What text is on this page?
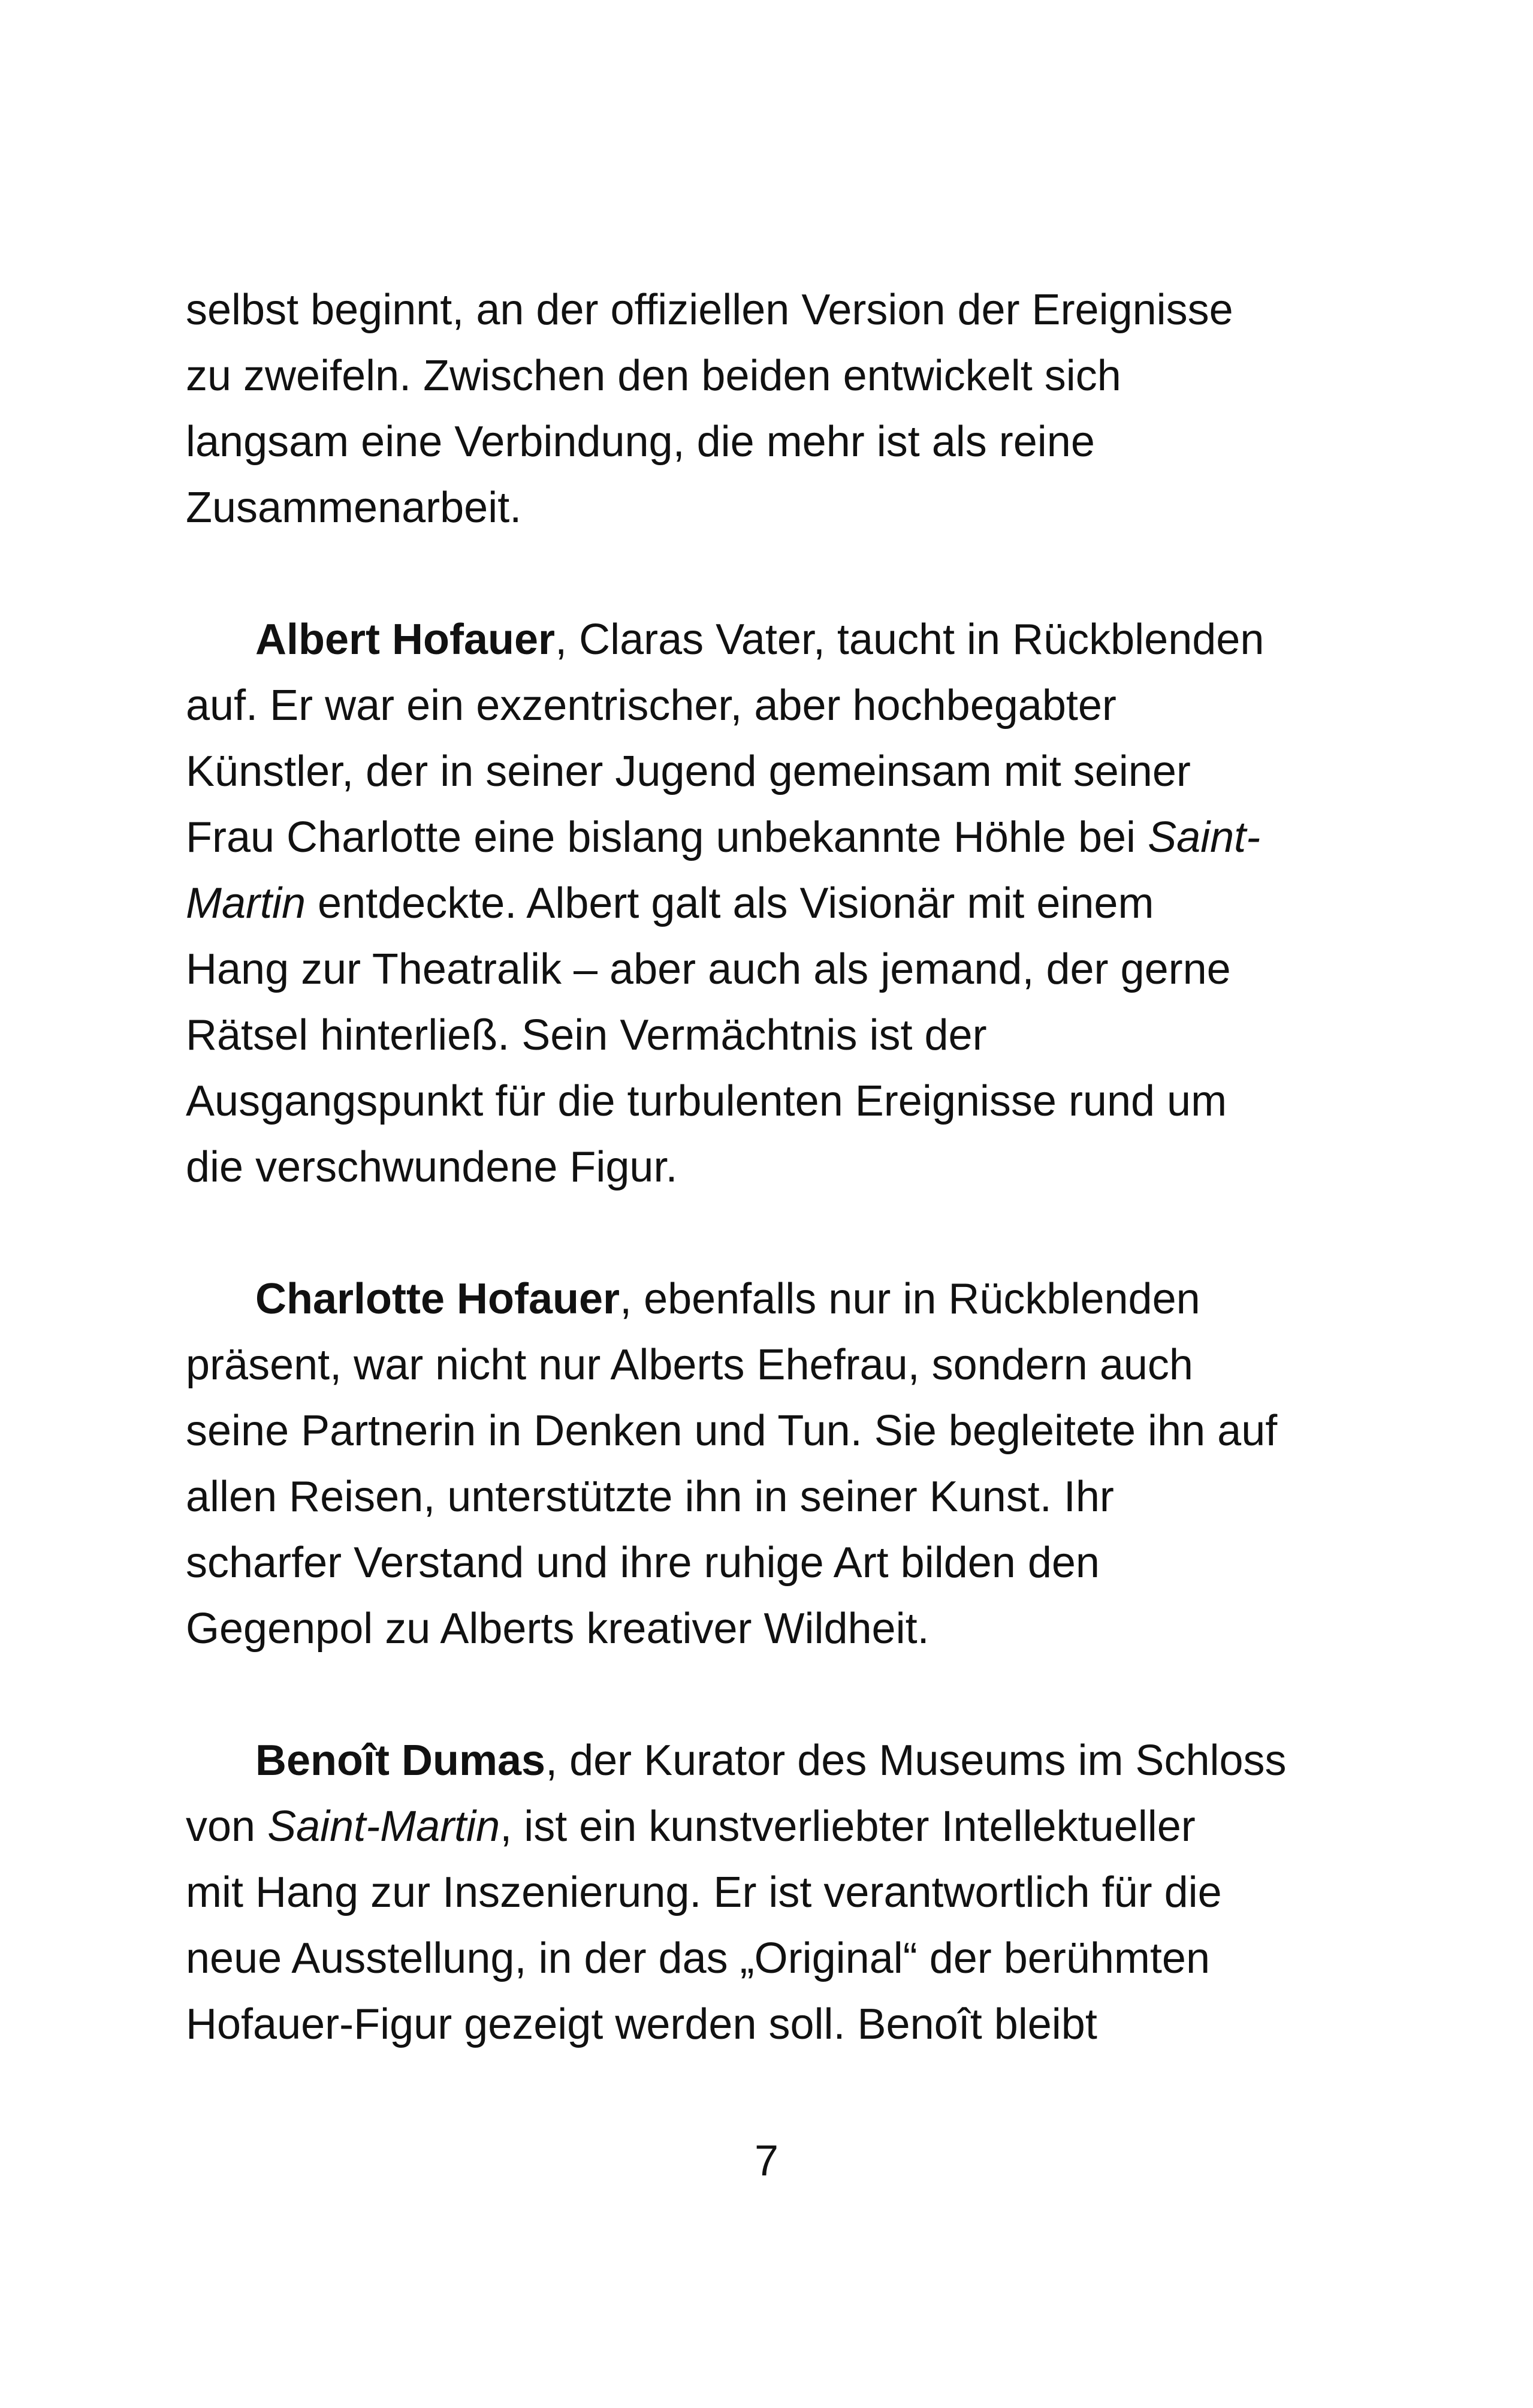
selbst beginnt, an der offiziellen Version der Ereignisse
zu zweifeln. Zwischen den beiden entwickelt sich
langsam eine Verbindung, die mehr ist als reine
Zusammenarbeit.
Albert Hofauer, Claras Vater, taucht in Rückblenden
auf. Er war ein exzentrischer, aber hochbegabter
Künstler, der in seiner Jugend gemeinsam mit seiner
Frau Charlotte eine bislang unbekannte Höhle bei Saint-
Martin entdeckte. Albert galt als Visionär mit einem
Hang zur Theatralik – aber auch als jemand, der gerne
Rätsel hinterließ. Sein Vermächtnis ist der
Ausgangspunkt für die turbulenten Ereignisse rund um
die verschwundene Figur.
Charlotte Hofauer, ebenfalls nur in Rückblenden
präsent, war nicht nur Alberts Ehefrau, sondern auch
seine Partnerin in Denken und Tun. Sie begleitete ihn auf
allen Reisen, unterstützte ihn in seiner Kunst. Ihr
scharfer Verstand und ihre ruhige Art bilden den
Gegenpol zu Alberts kreativer Wildheit.
Benoît Dumas, der Kurator des Museums im Schloss
von Saint-Martin, ist ein kunstverliebter Intellektueller
mit Hang zur Inszenierung. Er ist verantwortlich für die
neue Ausstellung, in der das „Original“ der berühmten
Hofauer-Figur gezeigt werden soll. Benoît bleibt
7
